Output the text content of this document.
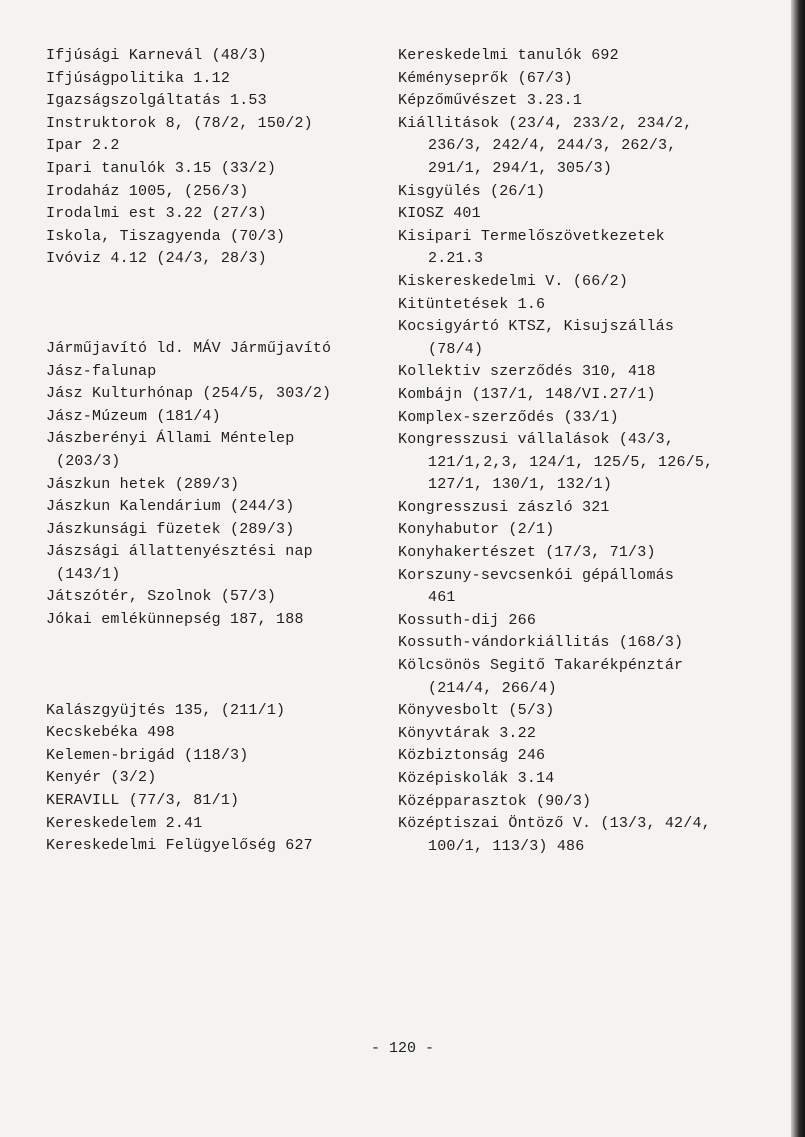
Ifjúsági Karnevál (48/3)
Ifjúságpolitika 1.12
Igazságszolgáltatás 1.53
Instruktorok 8, (78/2, 150/2)
Ipar 2.2
Ipari tanulók 3.15 (33/2)
Irodaház 1005, (256/3)
Irodalmi est 3.22 (27/3)
Iskola, Tiszagyenda (70/3)
Ivóviz 4.12 (24/3, 28/3)
Járműjavító ld. MÁV Járműjavító
Jász-falunap
Jász Kulturhónap (254/5, 303/2)
Jász-Múzeum (181/4)
Jászberényi Állami Méntelep
(203/3)
Jászkun hetek (289/3)
Jászkun Kalendárium (244/3)
Jászkunsági füzetek (289/3)
Jászsági állattenyésztési nap
(143/1)
Játszótér, Szolnok (57/3)
Jókai emlékünnepség 187, 188
Kalászgyüjtés 135, (211/1)
Kecskebéka 498
Kelemen-brigád (118/3)
Kenyér (3/2)
KERAVILL (77/3, 81/1)
Kereskedelem 2.41
Kereskedelmi Felügyelőség 627
Kereskedelmi tanulók 692
Kéményseprők (67/3)
Képzőművészet 3.23.1
Kiállitások (23/4, 233/2, 234/2,
236/3, 242/4, 244/3, 262/3,
291/1, 294/1, 305/3)
Kisgyülés (26/1)
KIOSZ 401
Kisipari Termelőszövetkezetek
2.21.3
Kiskereskedelmi V. (66/2)
Kitüntetések 1.6
Kocsigyártó KTSZ, Kisujszállás
(78/4)
Kollektiv szerződés 310, 418
Kombájn (137/1, 148/VI.27/1)
Komplex-szerződés (33/1)
Kongresszusi vállalások (43/3,
121/1,2,3, 124/1, 125/5, 126/5,
127/1, 130/1, 132/1)
Kongresszusi zászló 321
Konyhabutor (2/1)
Konyhakertészet (17/3, 71/3)
Korszuny-sevcsenkói gépállomás
461
Kossuth-dij 266
Kossuth-vándorkiállitás (168/3)
Kölcsönös Segitő Takarékpénztár
(214/4, 266/4)
Könyvesbolt (5/3)
Könyvtárak 3.22
Közbiztonság 246
Középiskolák 3.14
Középparasztok (90/3)
Középtiszai Öntöző V. (13/3, 42/4,
100/1, 113/3) 486
- 120 -
